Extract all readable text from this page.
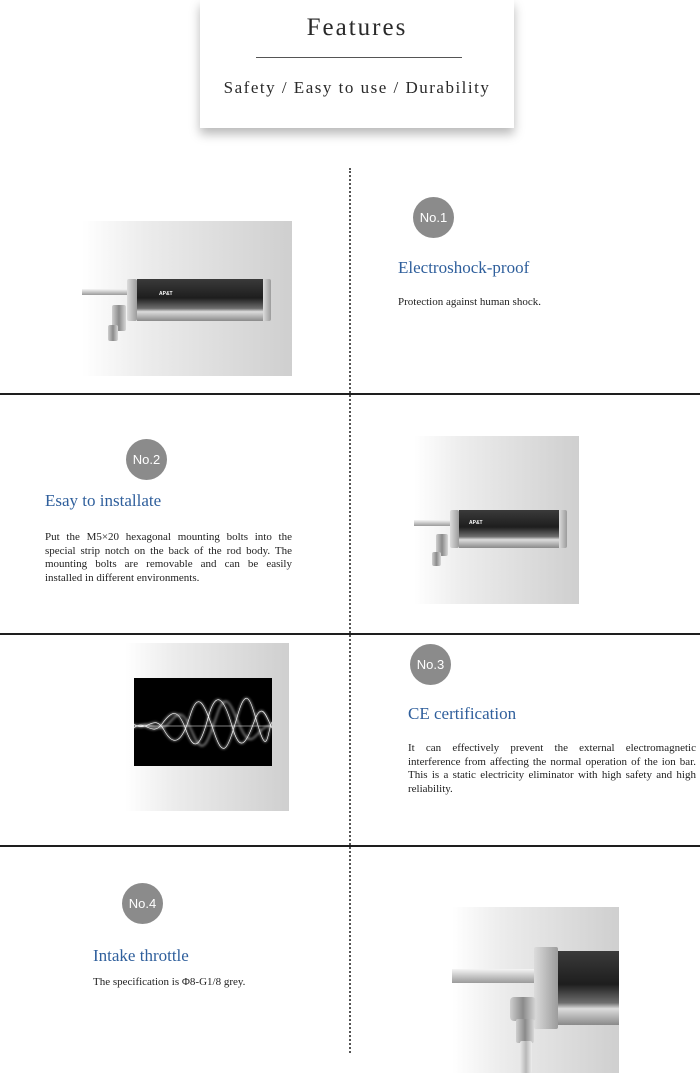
Features
Safety / Easy to use / Durability
AP&T
No.1
Electroshock-proof
Protection against human shock.
No.2
Esay to installate
Put the M5×20 hexagonal mounting bolts into the special strip notch on the back of the rod body. The mounting bolts are removable and can be easily installed in different environments.
AP&T
No.3
CE certification
It can effectively prevent the external electromagnetic interference from affecting the normal operation of the ion bar. This is a static electricity eliminator with high safety and high reliability.
No.4
Intake throttle
The specification is Φ8-G1/8 grey.
